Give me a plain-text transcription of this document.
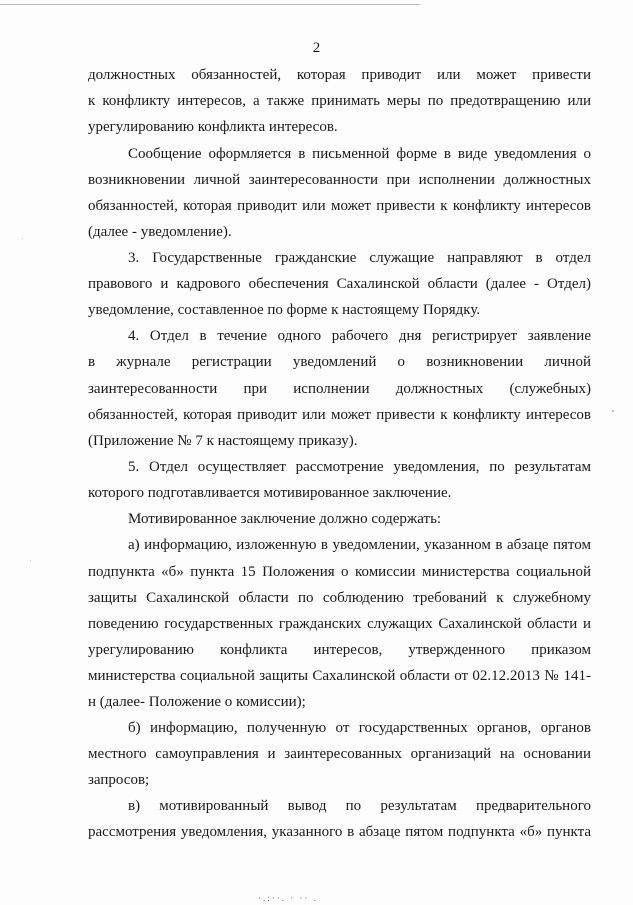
2

должностных обязанностей, которая приводит или может привести

к конфликту интересов, а также принимать меры по предотвращению или

урегулированию конфликта интересов.

Сообщение оформляется в письменной форме в виде уведомления о

возникновении личной заинтересованности при исполнении должностных

обязанностей, которая приводит или может привести к конфликту интересов

(далее - уведомление).

3. Государственные гражданские служащие направляют в отдел

правового и кадрового обеспечения Сахалинской области (далее - Отдел)

уведомление, составленное по форме к настоящему Порядку.

4. Отдел в течение одного рабочего дня регистрирует заявление

в журнале регистрации уведомлений о возникновении личной

заинтересованности при исполнении должностных (служебных)

обязанностей, которая приводит или может привести к конфликту интересов

(Приложение № 7 к настоящему приказу).

5. Отдел осуществляет рассмотрение уведомления, по результатам

которого подготавливается мотивированное заключение.

Мотивированное заключение должно содержать:

а) информацию, изложенную в уведомлении, указанном в абзаце пятом

подпункта «б» пункта 15 Положения о комиссии министерства социальной

защиты Сахалинской области по соблюдению требований к служебному

поведению государственных гражданских служащих Сахалинской области и

урегулированию конфликта интересов, утвержденного приказом

министерства социальной защиты Сахалинской области от 02.12.2013 № 141-

н (далее- Положение о комиссии);

б) информацию, полученную от государственных органов, органов

местного самоуправления и заинтересованных организаций на основании

запросов;

в) мотивированный вывод по результатам предварительного

рассмотрения уведомления, указанного в абзаце пятом подпункта «б» пункта

·.:··. · ·· .
